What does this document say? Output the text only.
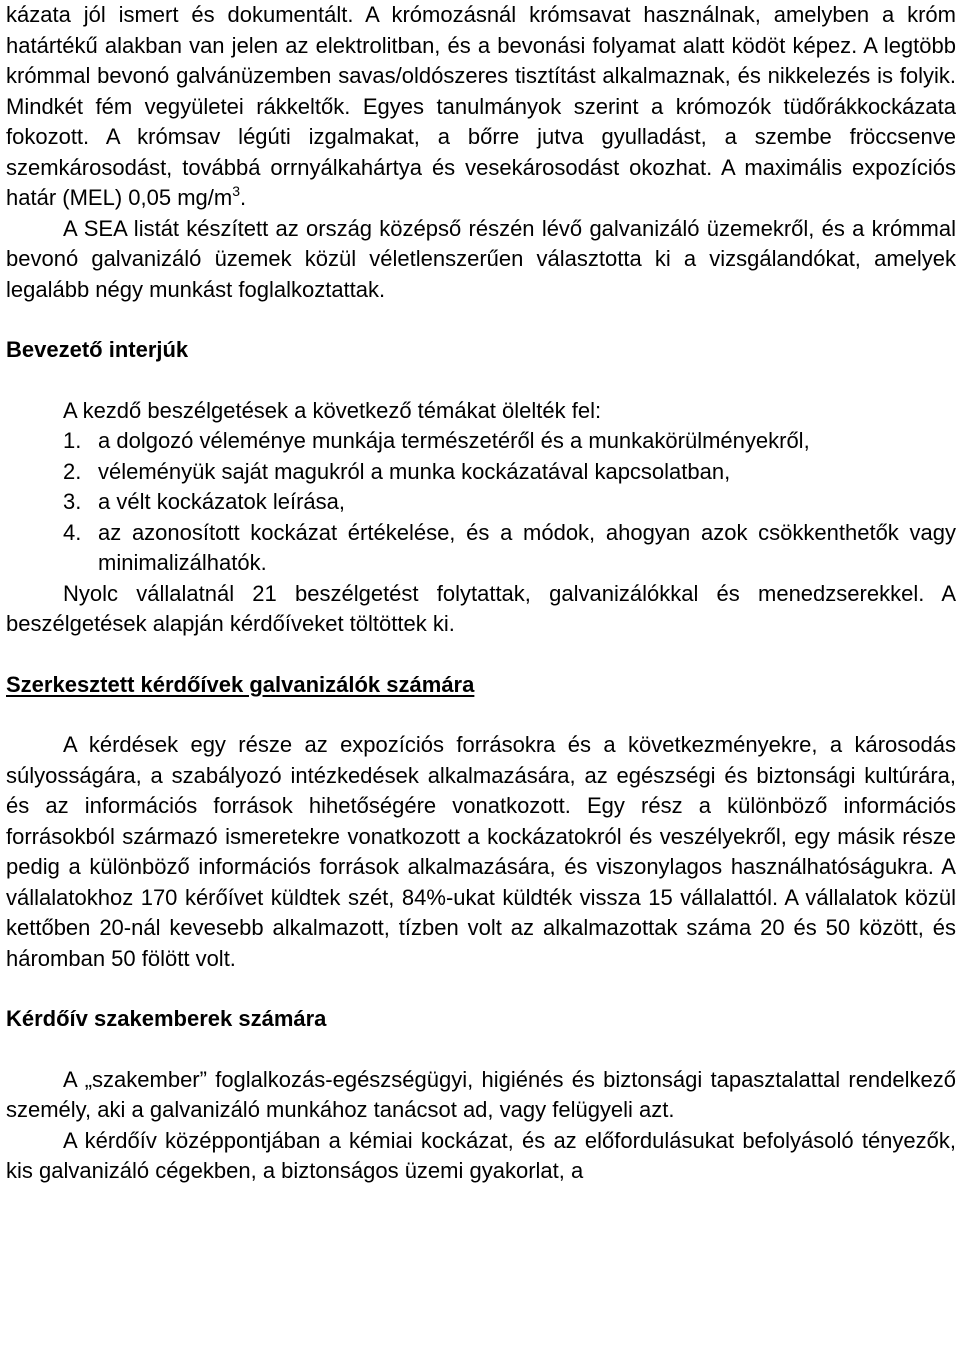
kázata jól ismert és dokumentált. A krómozásnál krómsavat használnak, amelyben a króm határtékű alakban van jelen az elektrolitban, és a bevonási folyamat alatt ködöt képez. A legtöbb krómmal bevonó galvánüzemben savas/oldószeres tisztítást alkalmaznak, és nikkelezés is folyik. Mindkét fém vegyületei rákkeltők. Egyes tanulmányok szerint a krómozók tüdőrákkockázata fokozott. A krómsav légúti izgalmakat, a bőrre jutva gyulladást, a szembe fröccsenve szemkárosodást, továbbá orrnyálkahártya és vesekárosodást okozhat. A maximális expozíciós határ (MEL) 0,05 $mg/m^3$.

A SEA listát készített az ország középső részén lévő galvanizáló üzemekről, és a krómmal bevonó galvanizáló üzemek közül véletlenszerűen választotta ki a vizsgálandókat, amelyek legalább négy munkást foglalkoztattak.

Bevezető interjúk

A kezdő beszélgetések a következő témákat ölelték fel:

1. a dolgozó véleménye munkája természetéről és a munkakörülményekről,
2. véleményük saját magukról a munka kockázatával kapcsolatban,
3. a vélt kockázatok leírása,
4. az azonosított kockázat értékelése, és a módok, ahogyan azok csökkenthetők vagy minimalizálhatók.

Nyolc vállalatnál 21 beszélgetést folytattak, galvanizálókkal és menedzserekkel. A beszélgetések alapján kérdőíveket töltöttek ki.

Szerkesztett kérdőívek galvanizálók számára

A kérdések egy része az expozíciós forrásokra és a következményekre, a károsodás súlyosságára, a szabályozó intézkedések alkalmazására, az egészségi és biztonsági kultúrára, és az információs források hihetőségére vonatkozott. Egy rész a különböző információs forrásokból származó ismeretekre vonatkozott a kockázatokról és veszélyekről, egy másik része pedig a különböző információs források alkalmazására, és viszonylagos használhatóságukra. A vállalatokhoz 170 kérőívet küldtek szét, 84%-ukat küldték vissza 15 vállalattól. A vállalatok közül kettőben 20-nál kevesebb alkalmazott, tízben volt az alkalmazottak száma 20 és 50 között, és háromban 50 fölött volt.

Kérdőív szakemberek számára

A „szakember” foglalkozás-egészségügyi, higiénés és biztonsági tapasztalattal rendelkező személy, aki a galvanizáló munkához tanácsot ad, vagy felügyeli azt.

A kérdőív középpontjában a kémiai kockázat, és az előfordulásukat befolyásoló tényezők, kis galvanizáló cégekben, a biztonságos üzemi gyakorlat, a
